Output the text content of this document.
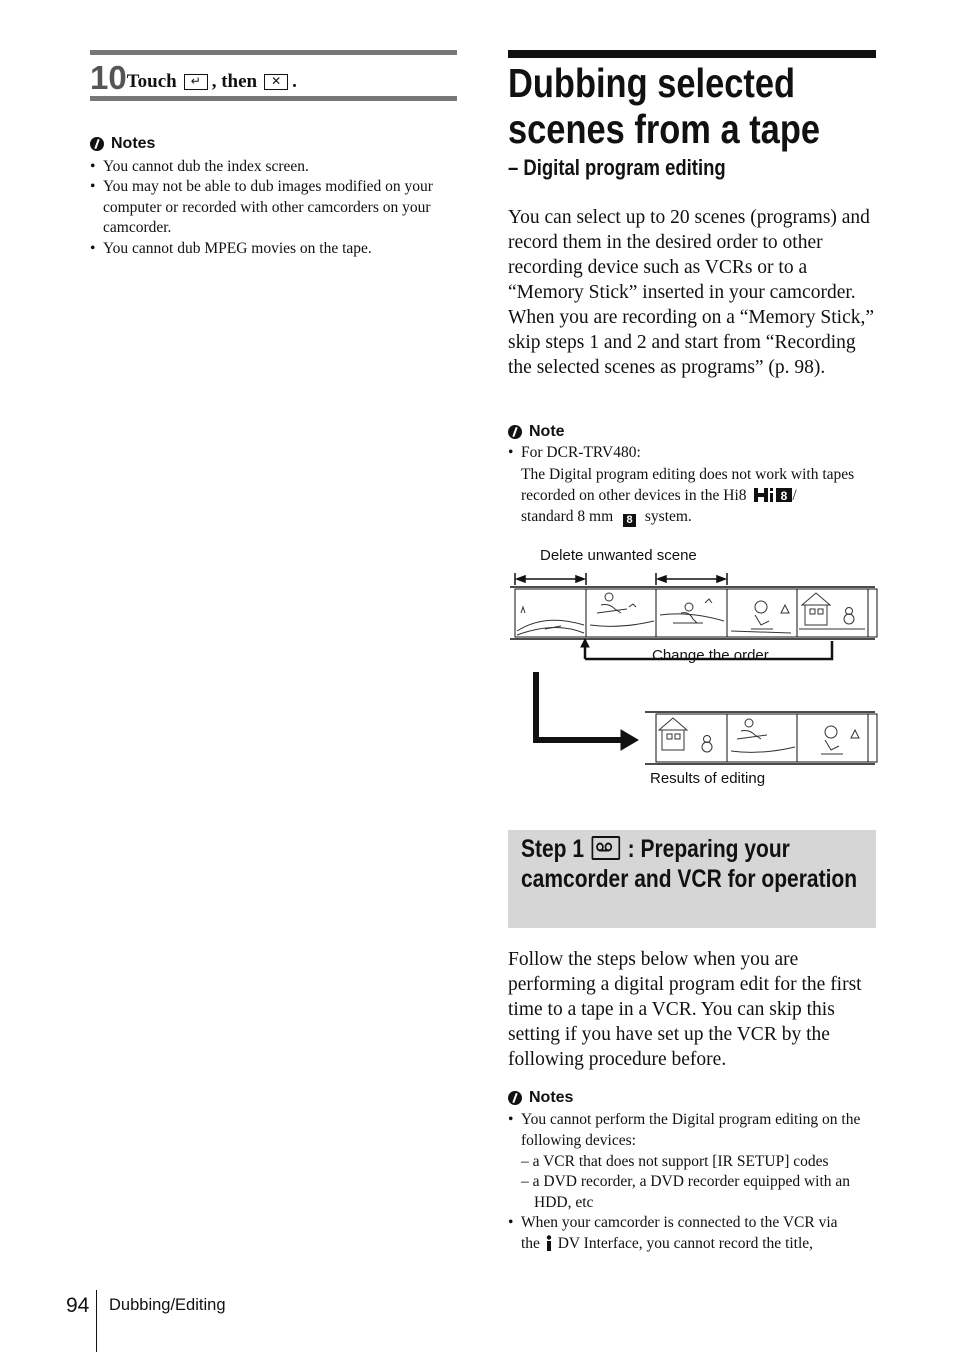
10 Touch	↵ , then	✕ .
Notes
• You cannot dub the index screen.
• You may not be able to dub images modified on your computer or recorded with other camcorders on your camcorder.
• You cannot dub MPEG movies on the tape.
Dubbing selected
scenes from a tape
– Digital program editing
You can select up to 20 scenes (programs) and record them in the desired order to other recording device such as VCRs or to a “Memory Stick” inserted in your camcorder. When you are recording on a “Memory Stick,” skip steps 1 and 2 and start from “Recording the selected scenes as programs” (p. 98).
Note
• For DCR-TRV480:
The Digital program editing does not work with tapes recorded on other devices in the Hi8	8 /
standard 8 mm 8 system.
Delete unwanted scene
Change the order
Results of editing
Step 1 : Preparing your
camcorder and VCR for operation
Follow the steps below when you are performing a digital program edit for the first time to a tape in a VCR. You can skip this setting if you have set up the VCR by the following procedure before.
Notes
• You cannot perform the Digital program editing on the following devices:
– a VCR that does not support [IR SETUP] codes
– a DVD recorder, a DVD recorder equipped with an
HDD, etc
• When your camcorder is connected to the VCR via
the DV Interface, you cannot record the title,
94 Dubbing/Editing
